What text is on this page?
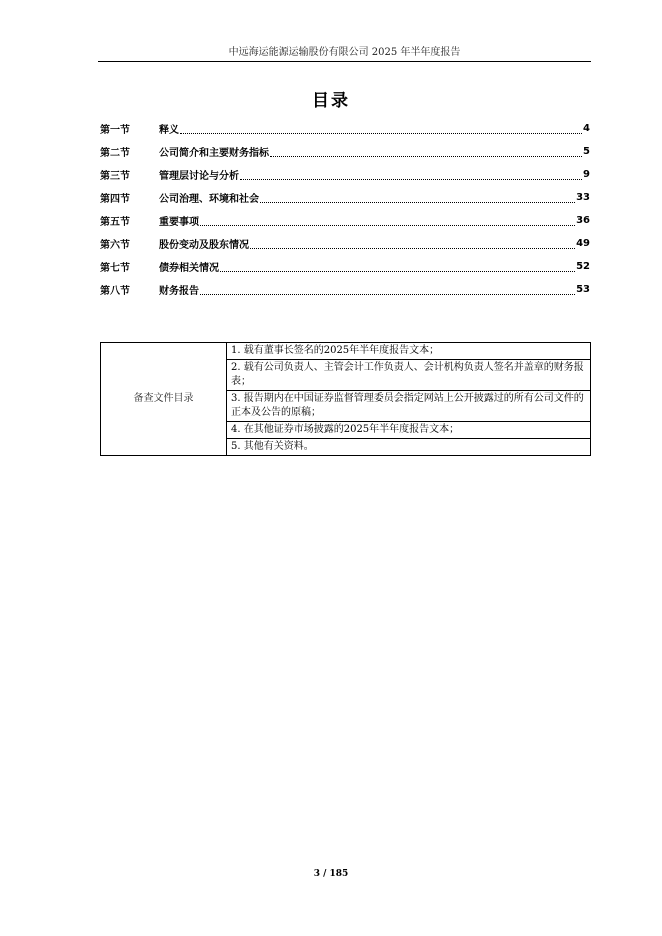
中远海运能源运输股份有限公司 2025 年半年度报告
目录
第一节	释义	4
第二节	公司简介和主要财务指标	5
第三节	管理层讨论与分析	9
第四节	公司治理、环境和社会	33
第五节	重要事项	36
第六节	股份变动及股东情况	49
第七节	债券相关情况	52
第八节	财务报告	53
备查文件目录	1. 载有董事长签名的2025年半年度报告文本；
2. 载有公司负责人、主管会计工作负责人、会计机构负责人签名并盖章的财务报表；
3. 报告期内在中国证券监督管理委员会指定网站上公开披露过的所有公司文件的正本及公告的原稿；
4. 在其他证券市场披露的2025年半年度报告文本；
5. 其他有关资料。
3 / 185
